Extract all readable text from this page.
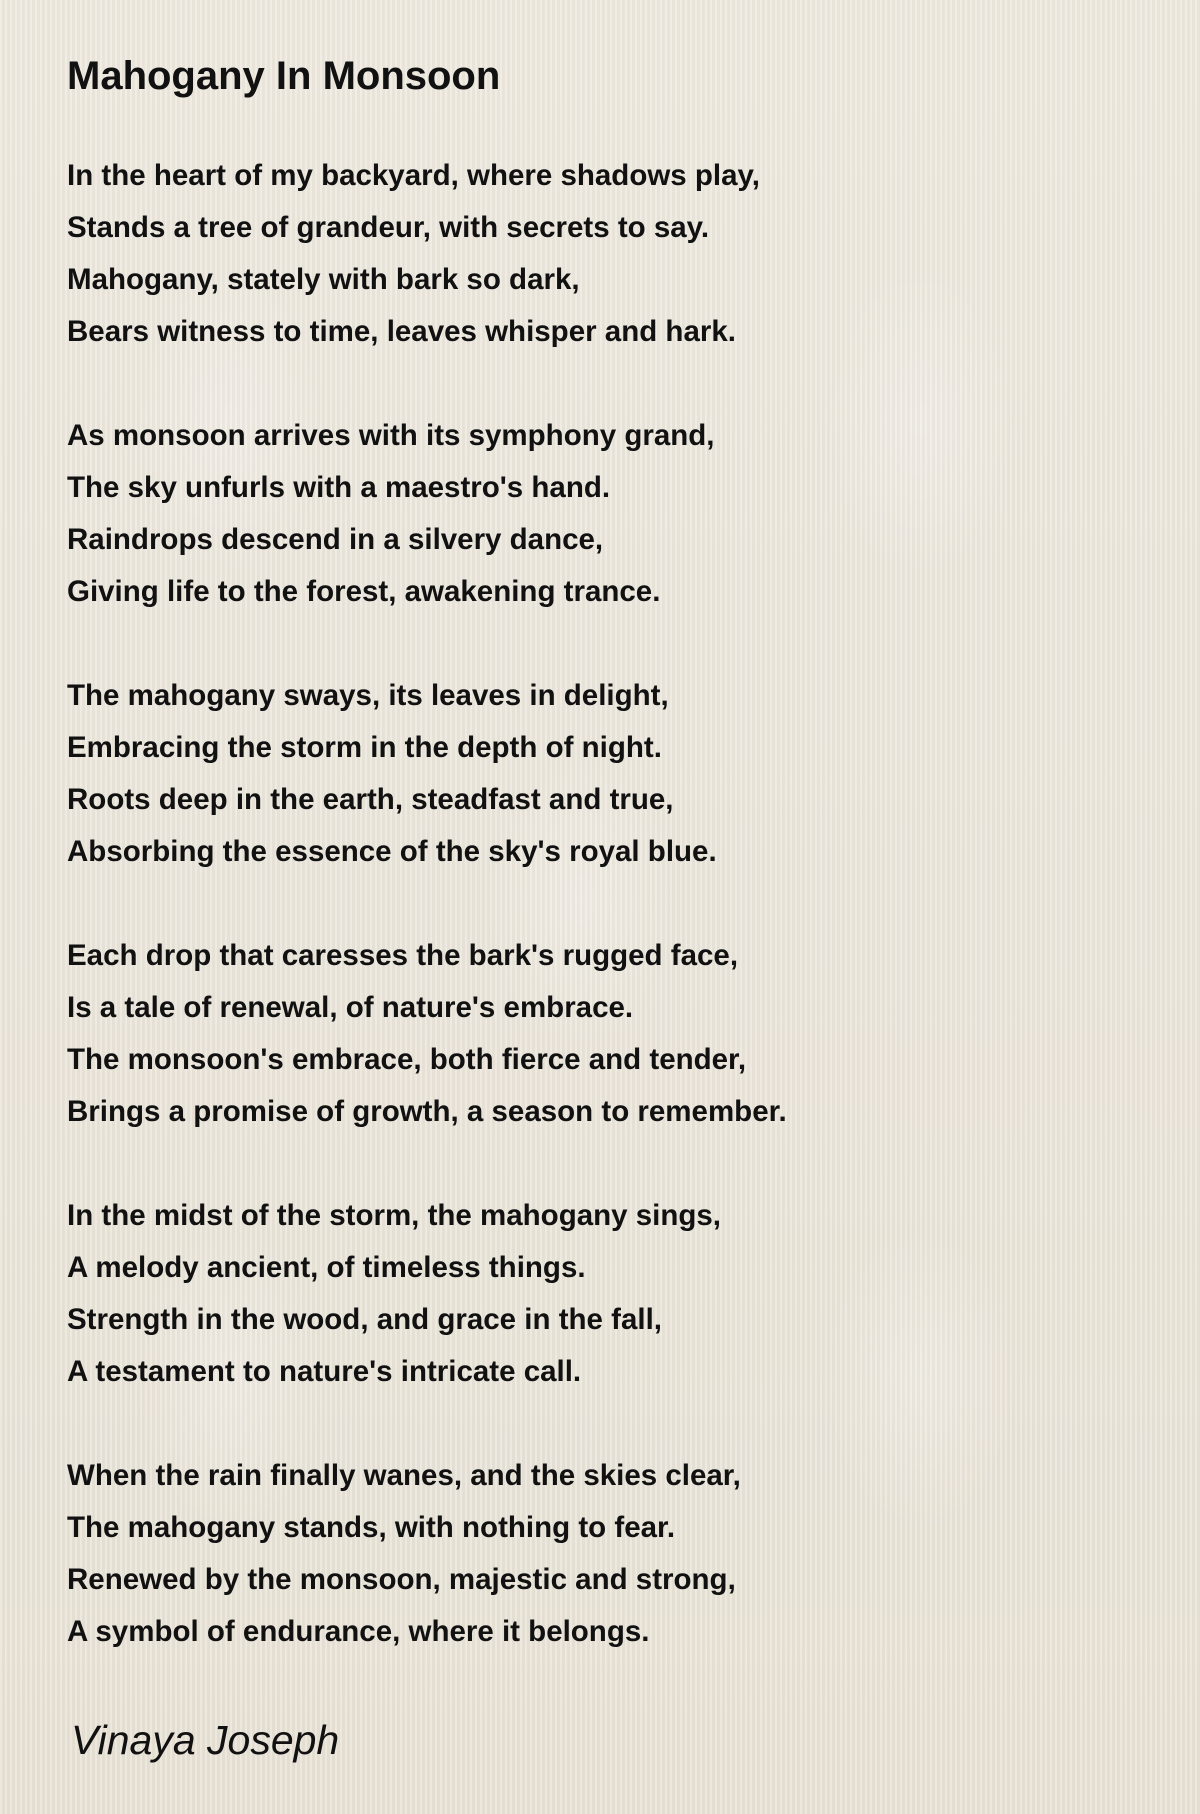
Mahogany In Monsoon
In the heart of my backyard, where shadows play,
Stands a tree of grandeur, with secrets to say.
Mahogany, stately with bark so dark,
Bears witness to time, leaves whisper and hark.
As monsoon arrives with its symphony grand,
The sky unfurls with a maestro's hand.
Raindrops descend in a silvery dance,
Giving life to the forest, awakening trance.
The mahogany sways, its leaves in delight,
Embracing the storm in the depth of night.
Roots deep in the earth, steadfast and true,
Absorbing the essence of the sky's royal blue.
Each drop that caresses the bark's rugged face,
Is a tale of renewal, of nature's embrace.
The monsoon's embrace, both fierce and tender,
Brings a promise of growth, a season to remember.
In the midst of the storm, the mahogany sings,
A melody ancient, of timeless things.
Strength in the wood, and grace in the fall,
A testament to nature's intricate call.
When the rain finally wanes, and the skies clear,
The mahogany stands, with nothing to fear.
Renewed by the monsoon, majestic and strong,
A symbol of endurance, where it belongs.

Vinaya Joseph
